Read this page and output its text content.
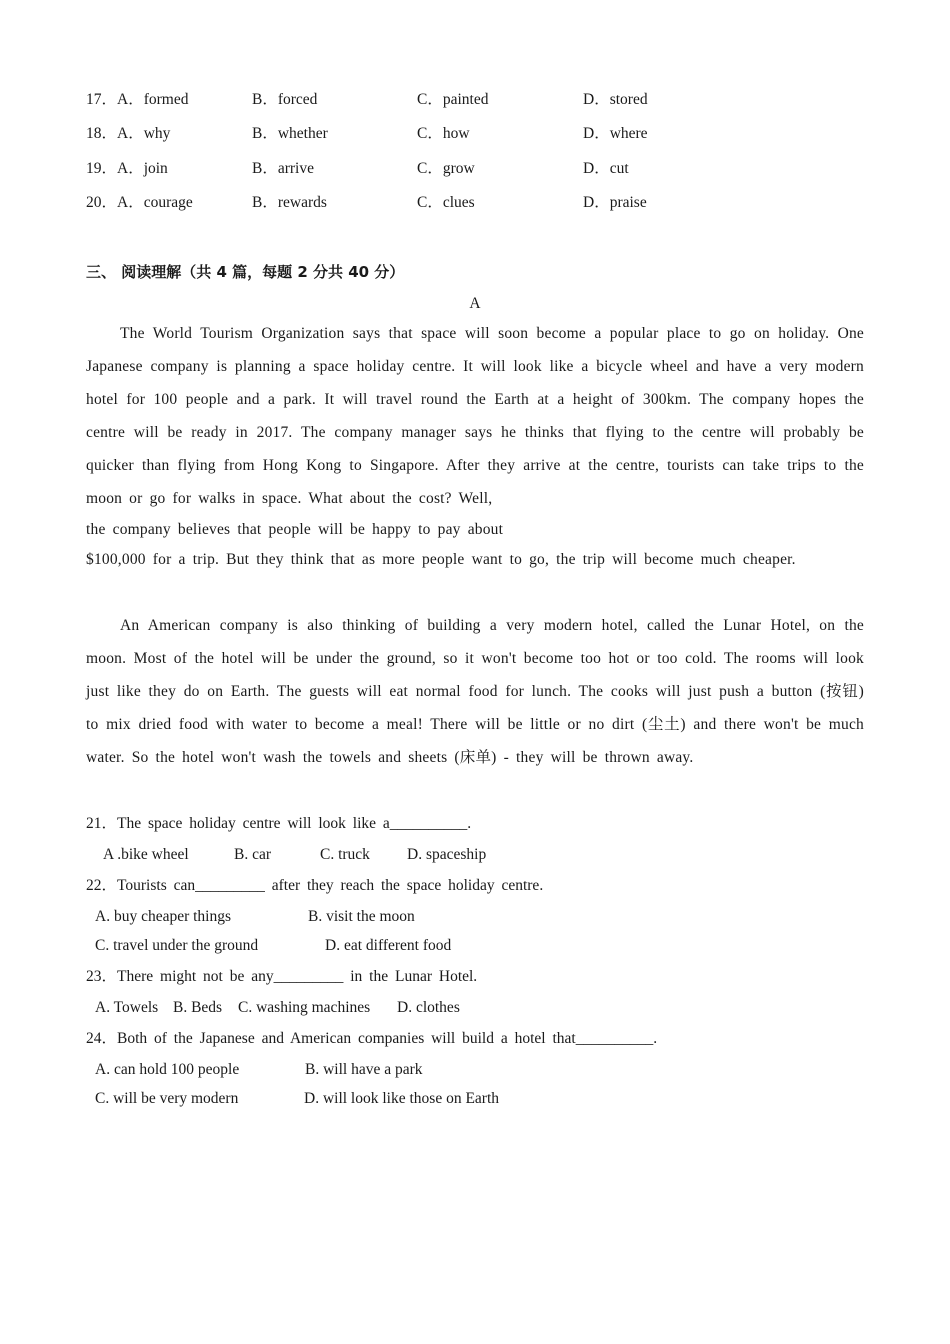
17．A．formed	B．forced	C．painted	D．stored
18．A．why	B．whether	C．how	D．where
19．A．join	B．arrive	C．grow	D．cut
20．A．courage	B．rewards	C．clues	D．praise
三、 阅读理解（共 4 篇，每题 2 分共 40 分）
A

The World Tourism Organization says that space will soon become a popular place to go on holiday. One Japanese company is planning a space holiday centre. It will look like a bicycle wheel and have a very modern hotel for 100 people and a park. It will travel round the Earth at a height of 300km. The company hopes the centre will be ready in 2017. The company manager says he thinks that flying to the centre will probably be quicker than flying from Hong Kong to Singapore. After they arrive at the centre, tourists can take trips to the moon or go for walks in space. What about the cost? Well,

the company believes that people will be happy to pay about

$100,000 for a trip. But they think that as more people want to go, the trip will become much cheaper.

An American company is also thinking of building a very modern hotel, called the Lunar Hotel, on the moon. Most of the hotel will be under the ground, so it won't become too hot or too cold. The rooms will look just like they do on Earth. The guests will eat normal food for lunch. The cooks will just push a button (按钮) to mix dried food with water to become a meal! There will be little or no dirt (尘土) and there won't be much water. So the hotel won't wash the towels and sheets (床单) - they will be thrown away.

21．The space holiday centre will look like a__________.
A .bike wheel	B. car	C. truck D. spaceship
22．Tourists can_________ after they reach the space holiday centre.
A. buy cheaper things	B. visit the moon
C. travel under the ground	D. eat different food
23．There might not be any_________ in the Lunar Hotel.
A. Towels B. Beds C. washing machines D. clothes
24．Both of the Japanese and American companies will build a hotel that__________.
A. can hold 100 people	B. will have a park
C. will be very modern	D. will look like those on Earth
